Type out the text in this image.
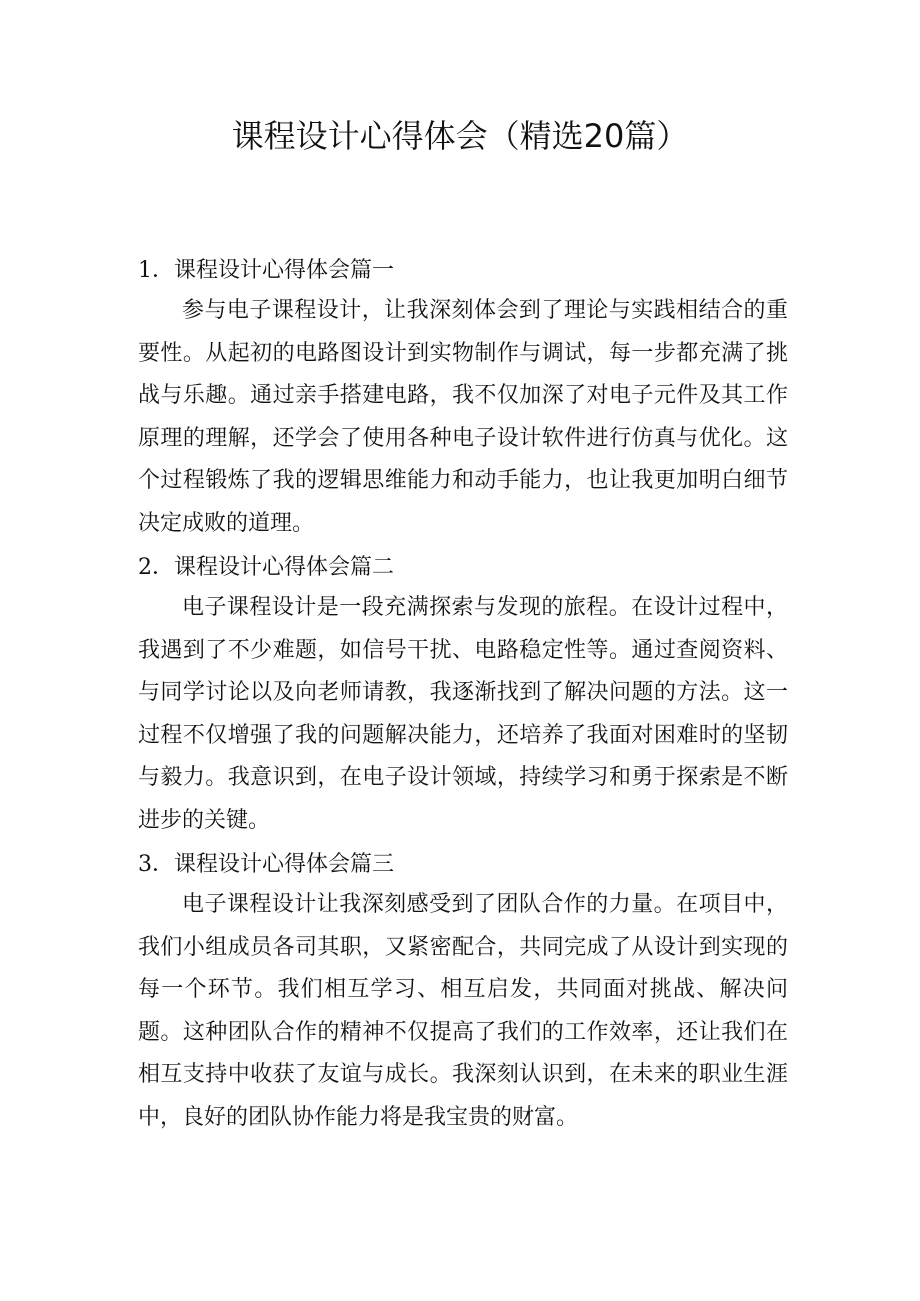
课程设计心得体会（精选20篇）
1．课程设计心得体会篇一

参与电子课程设计，让我深刻体会到了理论与实践相结合的重要性。从起初的电路图设计到实物制作与调试，每一步都充满了挑战与乐趣。通过亲手搭建电路，我不仅加深了对电子元件及其工作原理的理解，还学会了使用各种电子设计软件进行仿真与优化。这个过程锻炼了我的逻辑思维能力和动手能力，也让我更加明白细节决定成败的道理。

2．课程设计心得体会篇二

电子课程设计是一段充满探索与发现的旅程。在设计过程中，我遇到了不少难题，如信号干扰、电路稳定性等。通过查阅资料、与同学讨论以及向老师请教，我逐渐找到了解决问题的方法。这一过程不仅增强了我的问题解决能力，还培养了我面对困难时的坚韧与毅力。我意识到，在电子设计领域，持续学习和勇于探索是不断进步的关键。

3．课程设计心得体会篇三

电子课程设计让我深刻感受到了团队合作的力量。在项目中，我们小组成员各司其职，又紧密配合，共同完成了从设计到实现的每一个环节。我们相互学习、相互启发，共同面对挑战、解决问题。这种团队合作的精神不仅提高了我们的工作效率，还让我们在相互支持中收获了友谊与成长。我深刻认识到，在未来的职业生涯中，良好的团队协作能力将是我宝贵的财富。
